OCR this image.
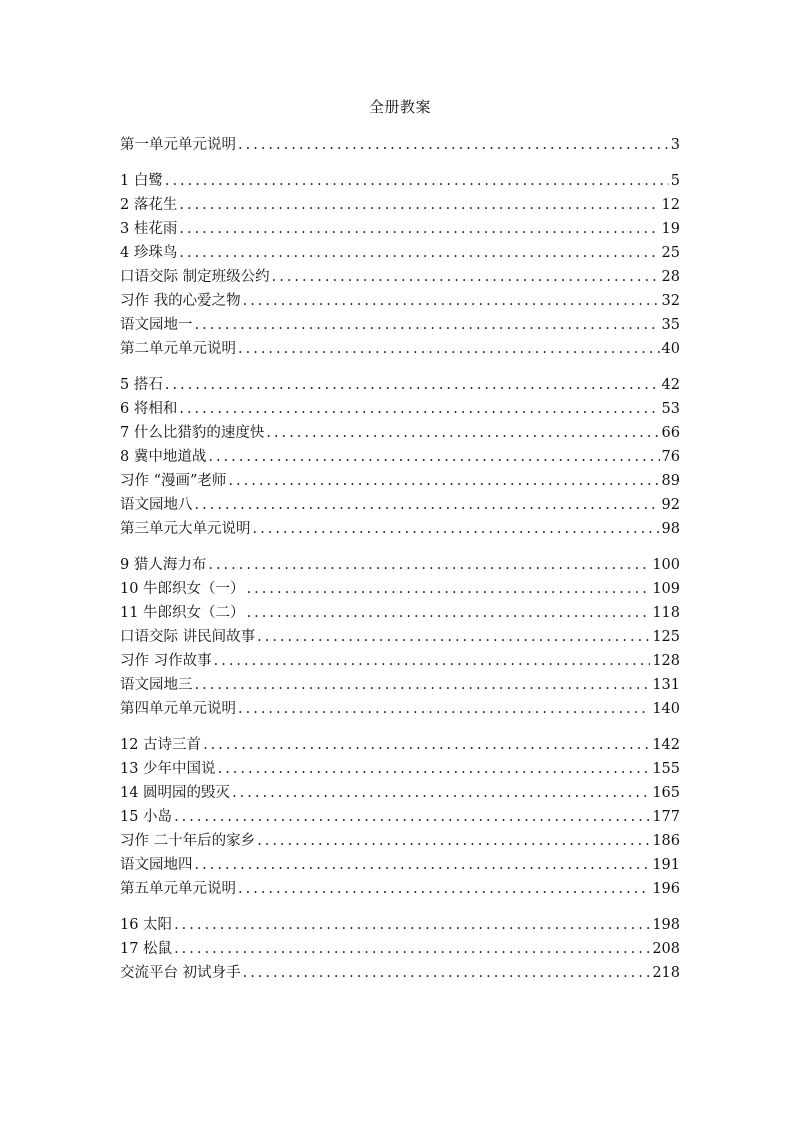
全册教案
第一单元单元说明 .....	3
1 白鹭 .....	5
2 落花生 .....	12
3 桂花雨 .....	19
4 珍珠鸟 .....	25
口语交际 制定班级公约 .....	28
习作 我的心爱之物 .....	32
语文园地一 .....	35
第二单元单元说明 .....	40
5 搭石 .....	42
6 将相和 .....	53
7 什么比猎豹的速度快 .....	66
8 冀中地道战 .....	76
习作 “漫画”老师 .....	89
语文园地八 .....	92
第三单元大单元说明 .....	98
9 猎人海力布 .....	100
10 牛郎织女（一） .....	109
11 牛郎织女（二） .....	118
口语交际 讲民间故事 .....	125
习作 习作故事 .....	128
语文园地三 .....	131
第四单元单元说明 .....	140
12 古诗三首 .....	142
13 少年中国说 .....	155
14 圆明园的毁灭 .....	165
15 小岛 .....	177
习作 二十年后的家乡 .....	186
语文园地四 .....	191
第五单元单元说明 .....	196
16 太阳 .....	198
17 松鼠 .....	208
交流平台 初试身手 .....	218
